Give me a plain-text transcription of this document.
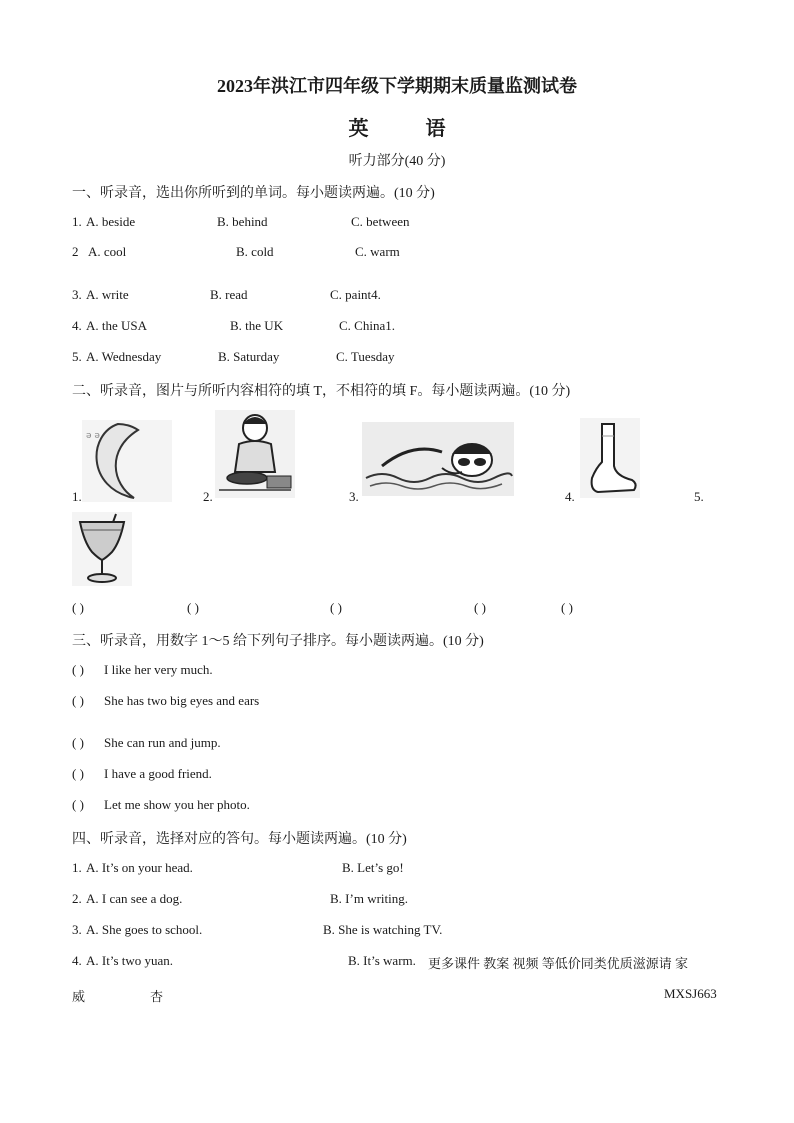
2023年洪江市四年级下学期期末质量监测试卷
英 语
听力部分(40 分)
一、听录音，选出你所听到的单词。每小题读两遍。(10 分)
1. A. beside	B. behind	C. between
2 A. cool	B. cold	C. warm
3. A. write	B. read	C. paint4.
4. A. the USA	B. the UK	C. China1.
5. A. Wednesday	B. Saturday	C. Tuesday
二、听录音，图片与所听内容相符的填 T，不相符的填 F。每小题读两遍。(10 分)
ə ə
1.	2.	3.	4.	5.
( )	( )	( )	( )	( )
三、听录音，用数字 1～5 给下列句子排序。每小题读两遍。(10 分)
( ) I like her very much.
( ) She has two big eyes and ears
( ) She can run and jump.
( ) I have a good friend.
( ) Let me show you her photo.
四、听录音，选择对应的答句。每小题读两遍。(10 分)
1. A. It’s on your head.	B. Let’s go!
2. A. I can see a dog.	B. I’m writing.
3. A. She goes to school.	B. She is watching TV.
4. A. It’s two yuan.	B. It’s warm. 更多课件 教案 视频 等低价同类优质滋源请 家
威	杏	MXSJ663
